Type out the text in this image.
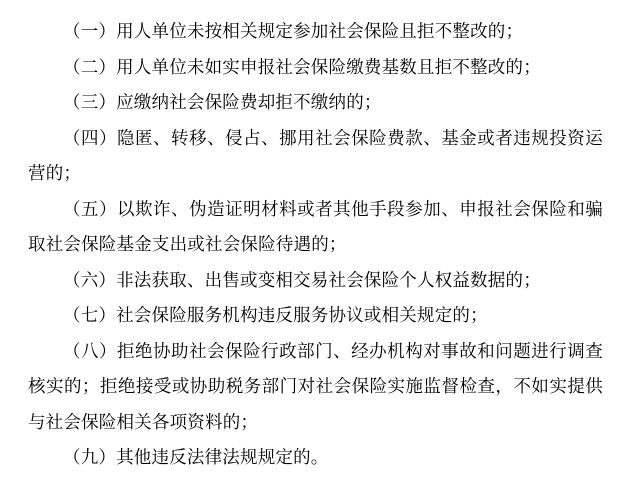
（一）用人单位未按相关规定参加社会保险且拒不整改的；

（二）用人单位未如实申报社会保险缴费基数且拒不整改的；

（三）应缴纳社会保险费却拒不缴纳的；

（四）隐匿、转移、侵占、挪用社会保险费款、基金或者违规投资运营的；

（五）以欺诈、伪造证明材料或者其他手段参加、申报社会保险和骗取社会保险基金支出或社会保险待遇的；

（六）非法获取、出售或变相交易社会保险个人权益数据的；

（七）社会保险服务机构违反服务协议或相关规定的；

（八）拒绝协助社会保险行政部门、经办机构对事故和问题进行调查核实的；拒绝接受或协助税务部门对社会保险实施监督检查，不如实提供与社会保险相关各项资料的；

（九）其他违反法律法规规定的。
